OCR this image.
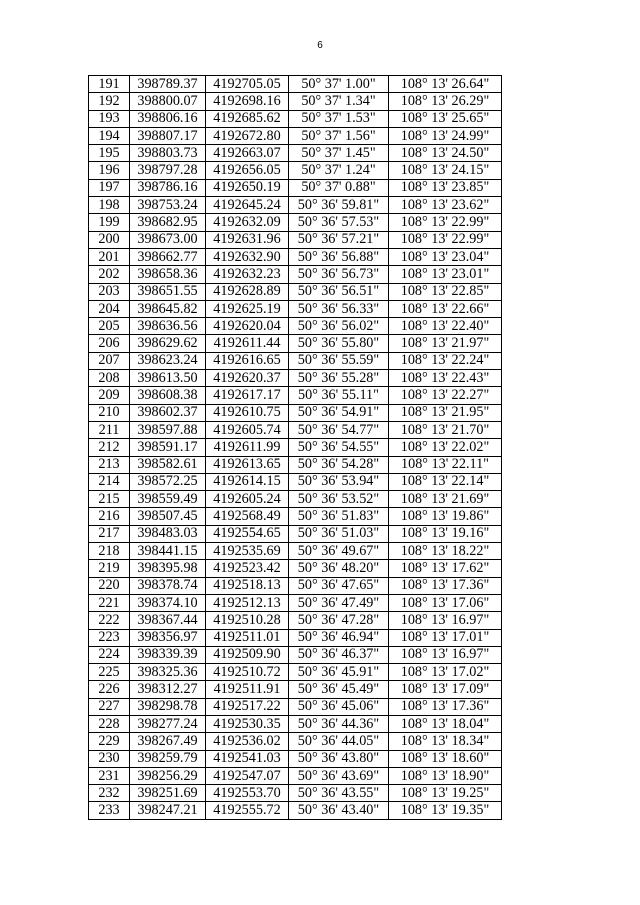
6
191	398789.37	4192705.05	50° 37' 1.00"	108° 13' 26.64"
192	398800.07	4192698.16	50° 37' 1.34"	108° 13' 26.29"
193	398806.16	4192685.62	50° 37' 1.53"	108° 13' 25.65"
194	398807.17	4192672.80	50° 37' 1.56"	108° 13' 24.99"
195	398803.73	4192663.07	50° 37' 1.45"	108° 13' 24.50"
196	398797.28	4192656.05	50° 37' 1.24"	108° 13' 24.15"
197	398786.16	4192650.19	50° 37' 0.88"	108° 13' 23.85"
198	398753.24	4192645.24	50° 36' 59.81"	108° 13' 23.62"
199	398682.95	4192632.09	50° 36' 57.53"	108° 13' 22.99"
200	398673.00	4192631.96	50° 36' 57.21"	108° 13' 22.99"
201	398662.77	4192632.90	50° 36' 56.88"	108° 13' 23.04"
202	398658.36	4192632.23	50° 36' 56.73"	108° 13' 23.01"
203	398651.55	4192628.89	50° 36' 56.51"	108° 13' 22.85"
204	398645.82	4192625.19	50° 36' 56.33"	108° 13' 22.66"
205	398636.56	4192620.04	50° 36' 56.02"	108° 13' 22.40"
206	398629.62	4192611.44	50° 36' 55.80"	108° 13' 21.97"
207	398623.24	4192616.65	50° 36' 55.59"	108° 13' 22.24"
208	398613.50	4192620.37	50° 36' 55.28"	108° 13' 22.43"
209	398608.38	4192617.17	50° 36' 55.11"	108° 13' 22.27"
210	398602.37	4192610.75	50° 36' 54.91"	108° 13' 21.95"
211	398597.88	4192605.74	50° 36' 54.77"	108° 13' 21.70"
212	398591.17	4192611.99	50° 36' 54.55"	108° 13' 22.02"
213	398582.61	4192613.65	50° 36' 54.28"	108° 13' 22.11"
214	398572.25	4192614.15	50° 36' 53.94"	108° 13' 22.14"
215	398559.49	4192605.24	50° 36' 53.52"	108° 13' 21.69"
216	398507.45	4192568.49	50° 36' 51.83"	108° 13' 19.86"
217	398483.03	4192554.65	50° 36' 51.03"	108° 13' 19.16"
218	398441.15	4192535.69	50° 36' 49.67"	108° 13' 18.22"
219	398395.98	4192523.42	50° 36' 48.20"	108° 13' 17.62"
220	398378.74	4192518.13	50° 36' 47.65"	108° 13' 17.36"
221	398374.10	4192512.13	50° 36' 47.49"	108° 13' 17.06"
222	398367.44	4192510.28	50° 36' 47.28"	108° 13' 16.97"
223	398356.97	4192511.01	50° 36' 46.94"	108° 13' 17.01"
224	398339.39	4192509.90	50° 36' 46.37"	108° 13' 16.97"
225	398325.36	4192510.72	50° 36' 45.91"	108° 13' 17.02"
226	398312.27	4192511.91	50° 36' 45.49"	108° 13' 17.09"
227	398298.78	4192517.22	50° 36' 45.06"	108° 13' 17.36"
228	398277.24	4192530.35	50° 36' 44.36"	108° 13' 18.04"
229	398267.49	4192536.02	50° 36' 44.05"	108° 13' 18.34"
230	398259.79	4192541.03	50° 36' 43.80"	108° 13' 18.60"
231	398256.29	4192547.07	50° 36' 43.69"	108° 13' 18.90"
232	398251.69	4192553.70	50° 36' 43.55"	108° 13' 19.25"
233	398247.21	4192555.72	50° 36' 43.40"	108° 13' 19.35"
